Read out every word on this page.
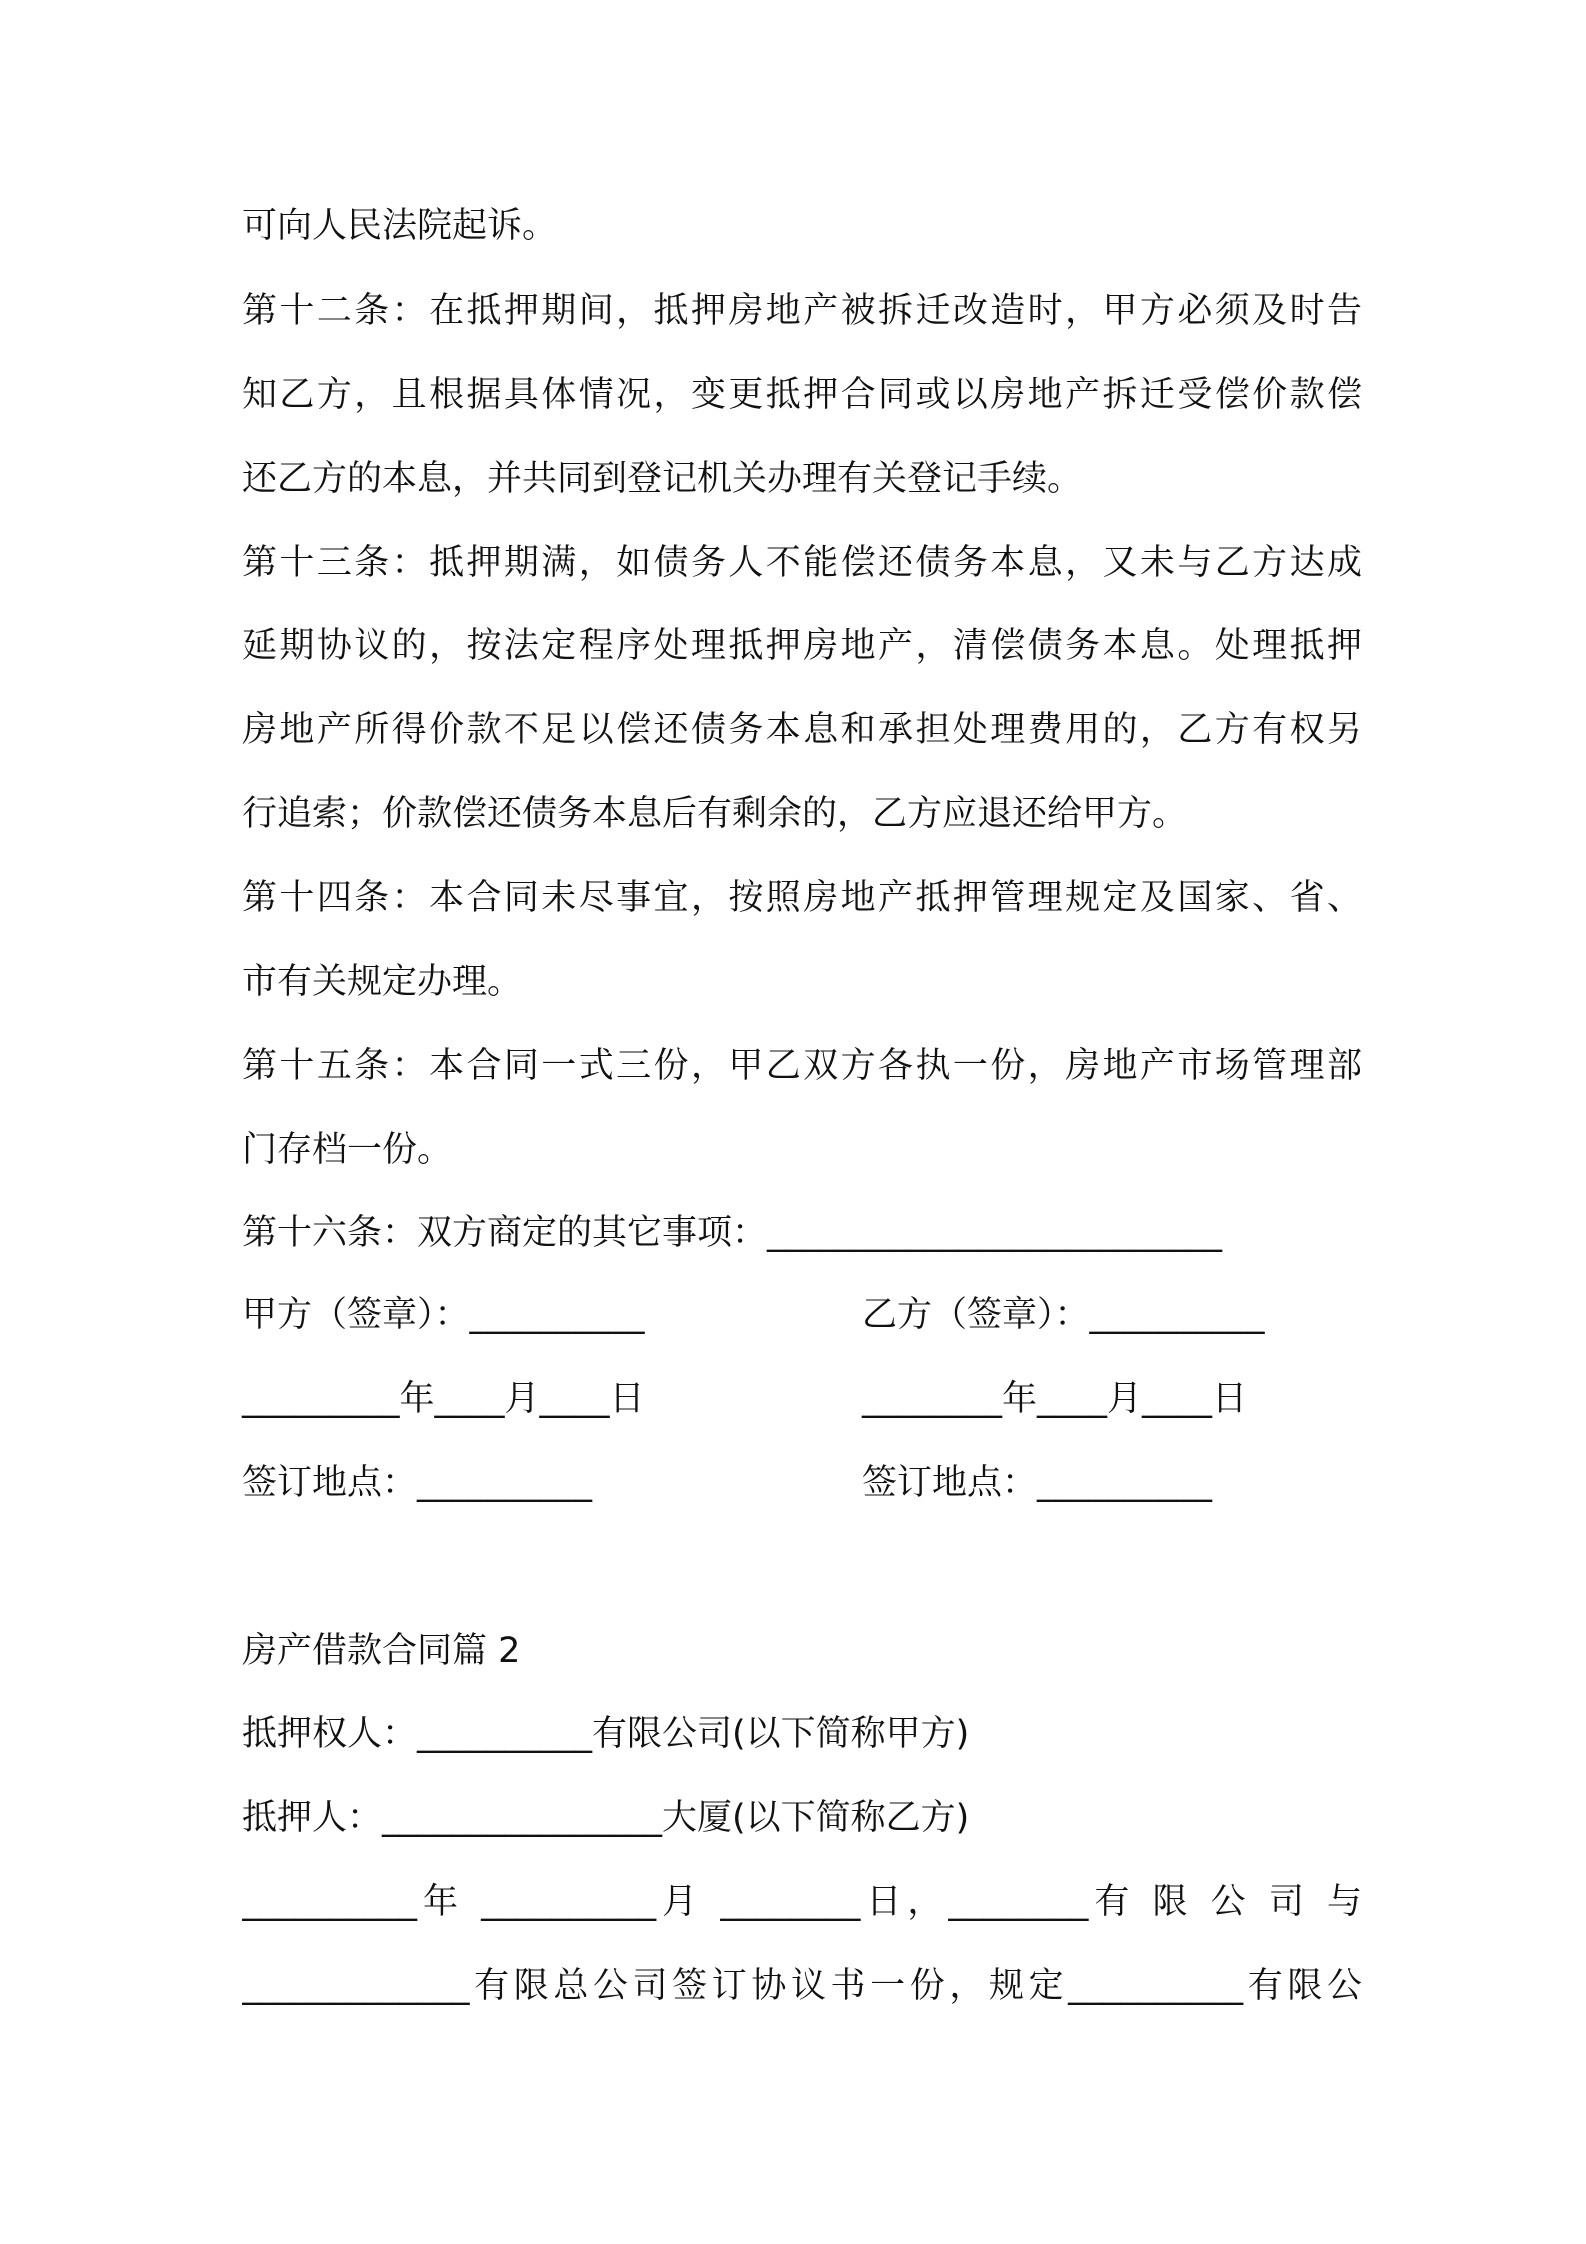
可向人民法院起诉。
第十二条：在抵押期间，抵押房地产被拆迁改造时，甲方必须及时告
知乙方，且根据具体情况，变更抵押合同或以房地产拆迁受偿价款偿
还乙方的本息，并共同到登记机关办理有关登记手续。
第十三条：抵押期满，如债务人不能偿还债务本息，又未与乙方达成
延期协议的，按法定程序处理抵押房地产，清偿债务本息。处理抵押
房地产所得价款不足以偿还债务本息和承担处理费用的，乙方有权另
行追索；价款偿还债务本息后有剩余的，乙方应退还给甲方。
第十四条：本合同未尽事宜，按照房地产抵押管理规定及国家、省、
市有关规定办理。
第十五条：本合同一式三份，甲乙双方各执一份，房地产市场管理部
门存档一份。
第十六条：双方商定的其它事项：__________________________
甲方（签章）：__________	乙方（签章）：__________
_________年____月____日	________年____月____日
签订地点：__________	签订地点：__________
房产借款合同篇 2
抵押权人：__________有限公司(以下简称甲方)
抵押人：________________大厦(以下简称乙方)
__________年 __________月 ________日，________有 限 公 司 与
_____________有限总公司签订协议书一份，规定__________有限公
